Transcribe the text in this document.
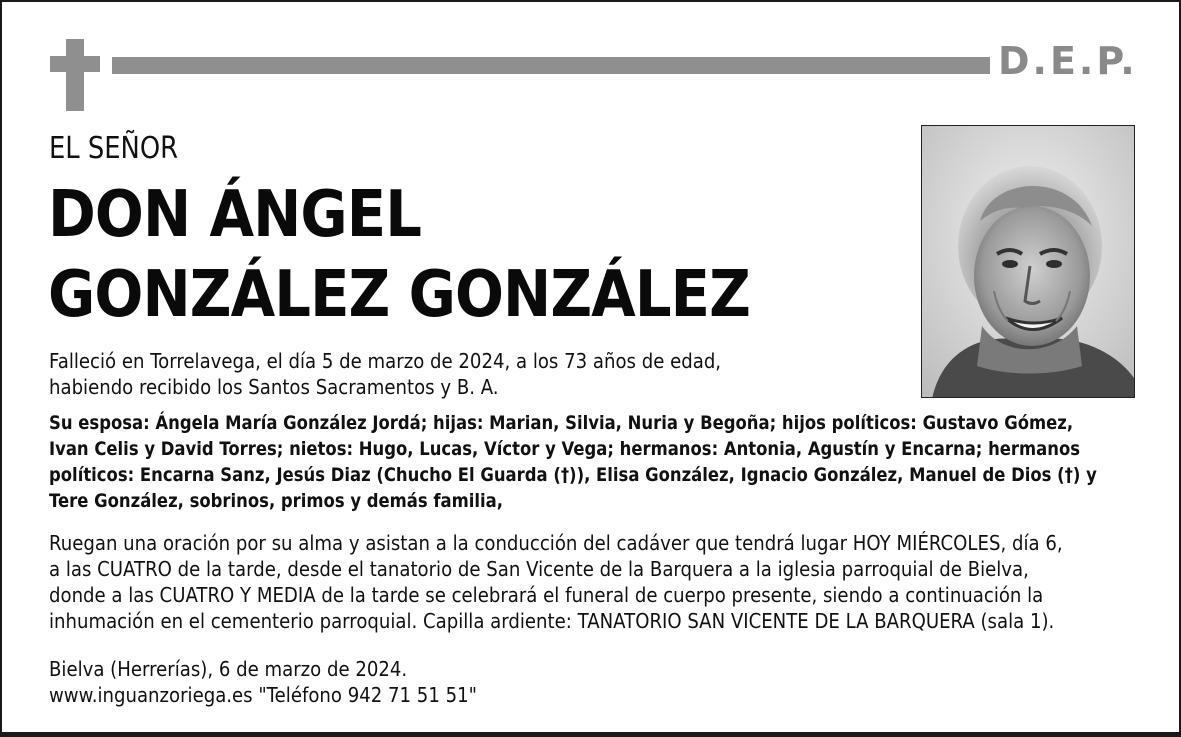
D.E.P.
EL SEÑOR
DON ÁNGEL
GONZÁLEZ GONZÁLEZ
Falleció en Torrelavega, el día 5 de marzo de 2024, a los 73 años de edad,
habiendo recibido los Santos Sacramentos y B. A.
Su esposa: Ángela María González Jordá; hijas: Marian, Silvia, Nuria y Begoña; hijos políticos: Gustavo Gómez,
Ivan Celis y David Torres; nietos: Hugo, Lucas, Víctor y Vega; hermanos: Antonia, Agustín y Encarna; hermanos
políticos: Encarna Sanz, Jesús Diaz (Chucho El Guarda (†)), Elisa González, Ignacio González, Manuel de Dios (†) y
Tere González, sobrinos, primos y demás familia,
Ruegan una oración por su alma y asistan a la conducción del cadáver que tendrá lugar HOY MIÉRCOLES, día 6,
a las CUATRO de la tarde, desde el tanatorio de San Vicente de la Barquera a la iglesia parroquial de Bielva,
donde a las CUATRO Y MEDIA de la tarde se celebrará el funeral de cuerpo presente, siendo a continuación la
inhumación en el cementerio parroquial. Capilla ardiente: TANATORIO SAN VICENTE DE LA BARQUERA (sala 1).
Bielva (Herrerías), 6 de marzo de 2024.
www.inguanzoriega.es "Teléfono 942 71 51 51"
